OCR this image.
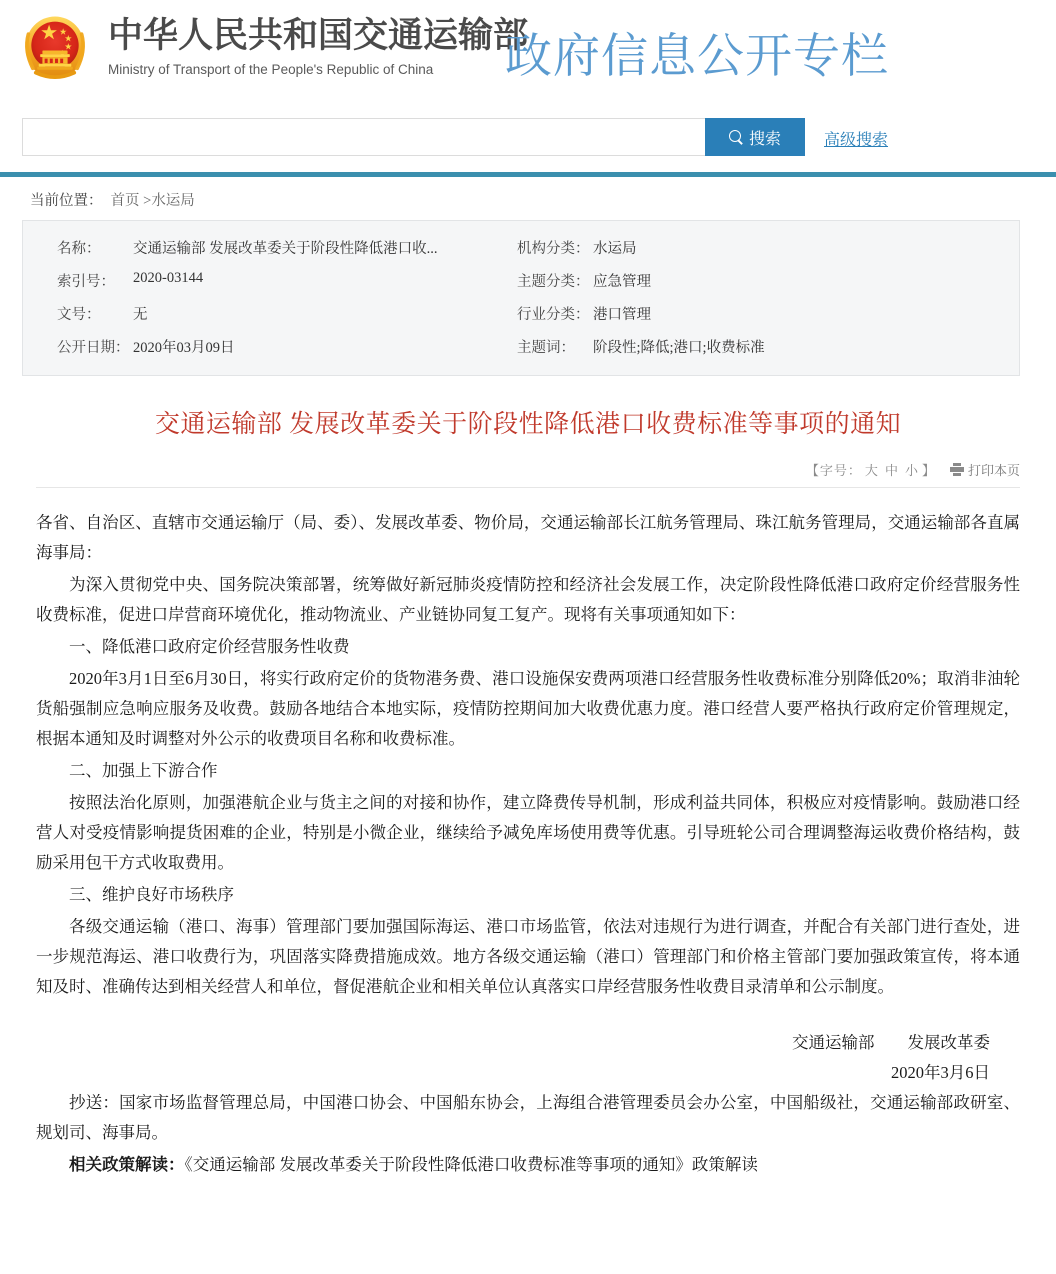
中华人民共和国交通运输部
Ministry of Transport of the People's Republic of China	政府信息公开专栏
搜索	高级搜索
当前位置： 首页 >水运局
名称：	交通运输部 发展改革委关于阶段性降低港口收...	机构分类： 水运局
索引号：	2020-03144	主题分类： 应急管理
文号：	无	行业分类： 港口管理
公开日期： 2020年03月09日	主题词：	阶段性;降低;港口;收费标准
交通运输部 发展改革委关于阶段性降低港口收费标准等事项的通知
【字号： 大 中 小 】 打印本页

各省、自治区、直辖市交通运输厅（局、委）、发展改革委、物价局，交通运输部长江航务管理局、珠江航务管理局，交通运输部各直属海事局：

为深入贯彻党中央、国务院决策部署，统筹做好新冠肺炎疫情防控和经济社会发展工作，决定阶段性降低港口政府定价经营服务性收费标准，促进口岸营商环境优化，推动物流业、产业链协同复工复产。现将有关事项通知如下：

一、降低港口政府定价经营服务性收费

2020年3月1日至6月30日，将实行政府定价的货物港务费、港口设施保安费两项港口经营服务性收费标准分别降低20%；取消非油轮货船强制应急响应服务及收费。鼓励各地结合本地实际，疫情防控期间加大收费优惠力度。港口经营人要严格执行政府定价管理规定，根据本通知及时调整对外公示的收费项目名称和收费标准。

二、加强上下游合作

按照法治化原则，加强港航企业与货主之间的对接和协作，建立降费传导机制，形成利益共同体，积极应对疫情影响。鼓励港口经营人对受疫情影响提货困难的企业，特别是小微企业，继续给予减免库场使用费等优惠。引导班轮公司合理调整海运收费价格结构，鼓励采用包干方式收取费用。

三、维护良好市场秩序

各级交通运输（港口、海事）管理部门要加强国际海运、港口市场监管，依法对违规行为进行调查，并配合有关部门进行查处，进一步规范海运、港口收费行为，巩固落实降费措施成效。地方各级交通运输（港口）管理部门和价格主管部门要加强政策宣传，将本通知及时、准确传达到相关经营人和单位，督促港航企业和相关单位认真落实口岸经营服务性收费目录清单和公示制度。

交通运输部　　发展改革委
2020年3月6日

抄送：国家市场监督管理总局，中国港口协会、中国船东协会，上海组合港管理委员会办公室，中国船级社，交通运输部政研室、规划司、海事局。

相关政策解读：《交通运输部 发展改革委关于阶段性降低港口收费标准等事项的通知》政策解读
